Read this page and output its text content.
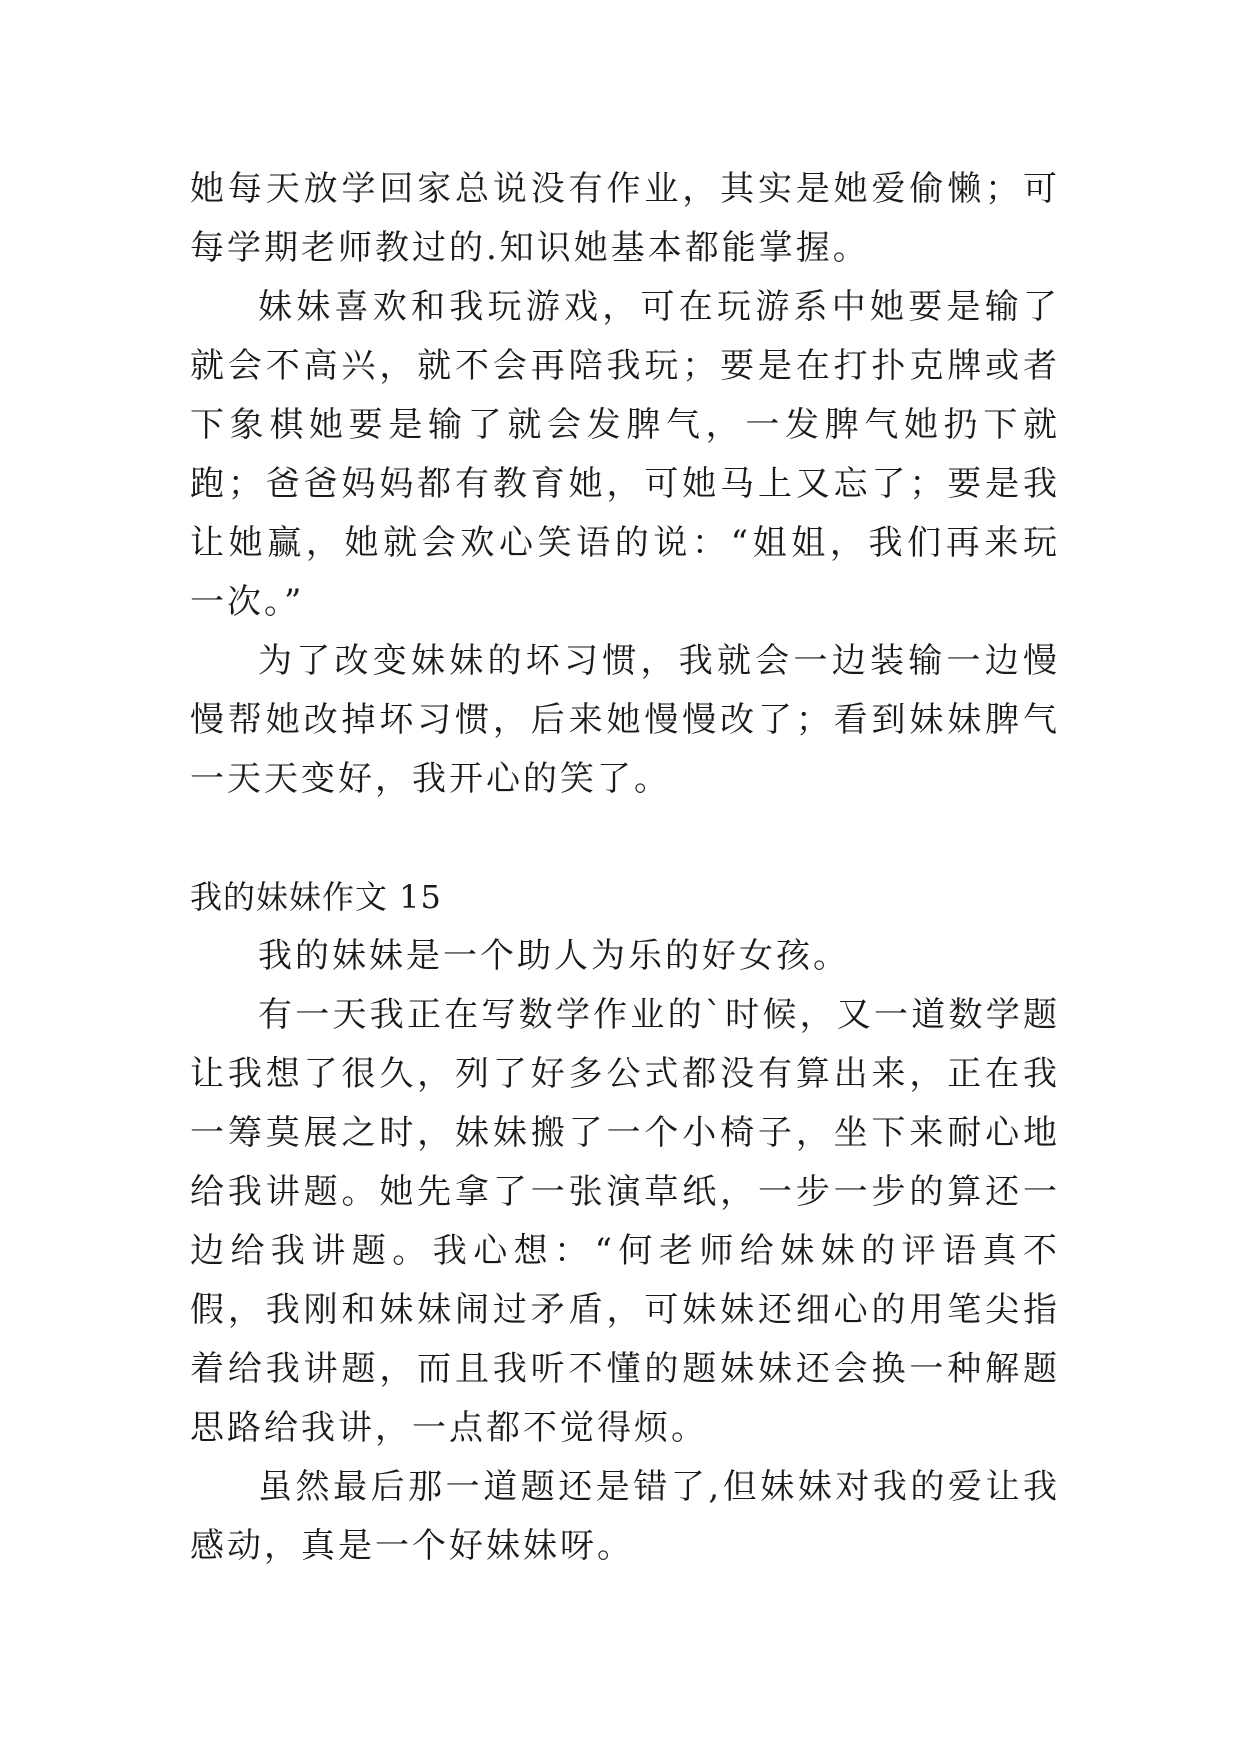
她每天放学回家总说没有作业，其实是她爱偷懒；可每学期老师教过的.知识她基本都能掌握。

妹妹喜欢和我玩游戏，可在玩游系中她要是输了就会不高兴，就不会再陪我玩；要是在打扑克牌或者下象棋她要是输了就会发脾气，一发脾气她扔下就跑；爸爸妈妈都有教育她，可她马上又忘了；要是我让她赢，她就会欢心笑语的说：“姐姐，我们再来玩一次。”

为了改变妹妹的坏习惯，我就会一边装输一边慢慢帮她改掉坏习惯，后来她慢慢改了；看到妹妹脾气一天天变好，我开心的笑了。

我的妹妹作文 15

我的妹妹是一个助人为乐的好女孩。

有一天我正在写数学作业的`时候，又一道数学题让我想了很久，列了好多公式都没有算出来，正在我一筹莫展之时，妹妹搬了一个小椅子，坐下来耐心地给我讲题。她先拿了一张演草纸，一步一步的算还一边给我讲题。我心想：“何老师给妹妹的评语真不假，我刚和妹妹闹过矛盾，可妹妹还细心的用笔尖指着给我讲题，而且我听不懂的题妹妹还会换一种解题思路给我讲，一点都不觉得烦。

虽然最后那一道题还是错了,但妹妹对我的爱让我感动，真是一个好妹妹呀。
